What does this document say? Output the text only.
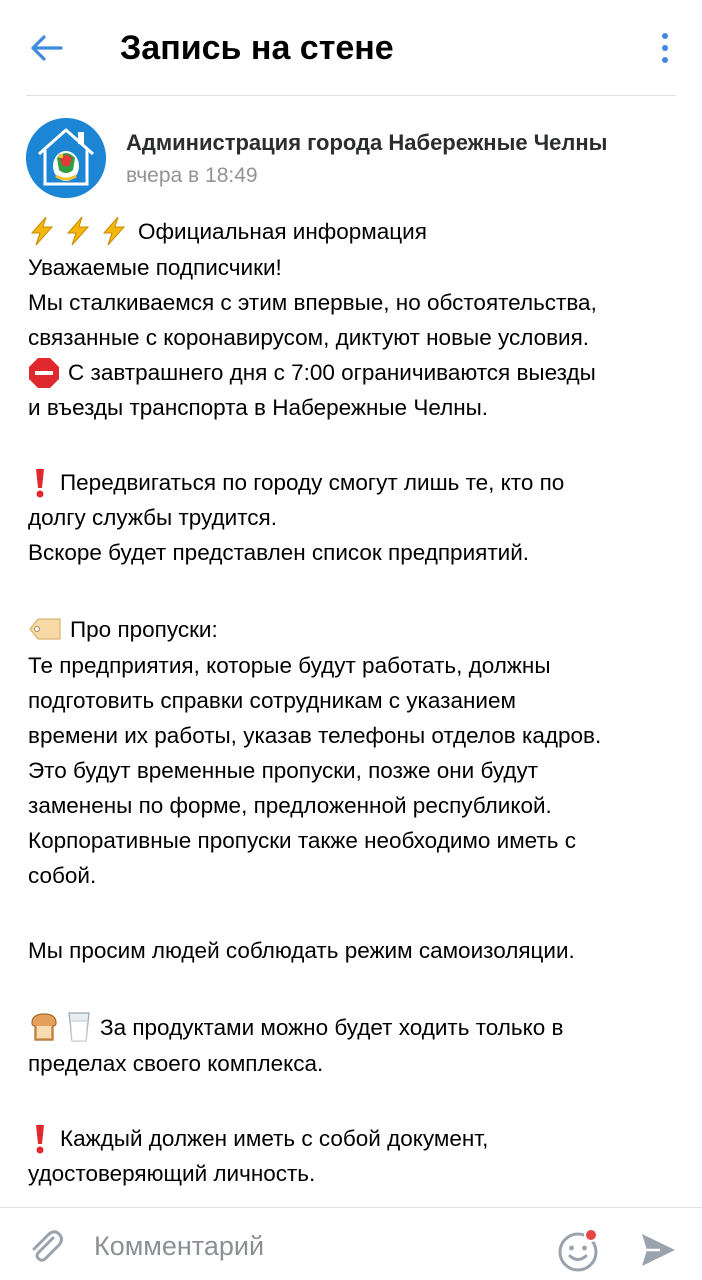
Запись на стене
Администрация города Набережные Челны
вчера в 18:49
Официальная информация
Уважаемые подписчики!
Мы сталкиваемся с этим впервые, но обстоятельства,
связанные с коронавирусом, диктуют новые условия.
С завтрашнего дня с 7:00 ограничиваются выезды
и въезды транспорта в Набережные Челны.
Передвигаться по городу смогут лишь те, кто по
долгу службы трудится.
Вскоре будет представлен список предприятий.
Про пропуски:
Те предприятия, которые будут работать, должны
подготовить справки сотрудникам с указанием
времени их работы, указав телефоны отделов кадров.
Это будут временные пропуски, позже они будут
заменены по форме, предложенной республикой.
Корпоративные пропуски также необходимо иметь с
собой.
Мы просим людей соблюдать режим самоизоляции.
За продуктами можно будет ходить только в
пределах своего комплекса.
Каждый должен иметь с собой документ,
удостоверяющий личность.
Комментарий
